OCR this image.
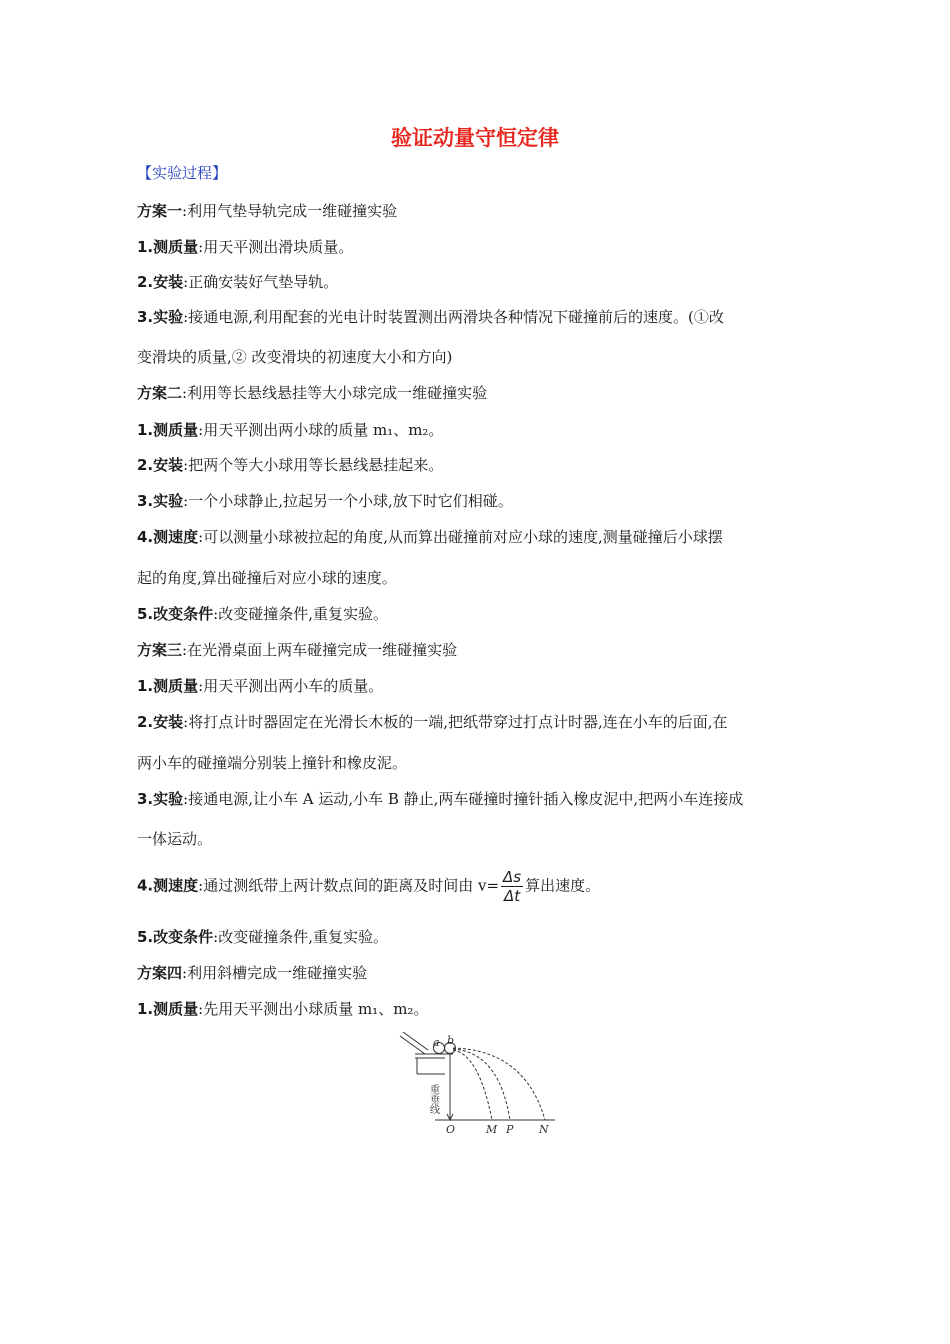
验证动量守恒定律
【实验过程】
方案一:利用气垫导轨完成一维碰撞实验
1.测质量:用天平测出滑块质量。
2.安装:正确安装好气垫导轨。
3.实验:接通电源,利用配套的光电计时装置测出两滑块各种情况下碰撞前后的速度。(①改
变滑块的质量,② 改变滑块的初速度大小和方向)
方案二:利用等长悬线悬挂等大小球完成一维碰撞实验
1.测质量:用天平测出两小球的质量 m₁、m₂。
2.安装:把两个等大小球用等长悬线悬挂起来。
3.实验:一个小球静止,拉起另一个小球,放下时它们相碰。
4.测速度:可以测量小球被拉起的角度,从而算出碰撞前对应小球的速度,测量碰撞后小球摆
起的角度,算出碰撞后对应小球的速度。
5.改变条件:改变碰撞条件,重复实验。
方案三:在光滑桌面上两车碰撞完成一维碰撞实验
1.测质量:用天平测出两小车的质量。
2.安装:将打点计时器固定在光滑长木板的一端,把纸带穿过打点计时器,连在小车的后面,在
两小车的碰撞端分别装上撞针和橡皮泥。
3.实验:接通电源,让小车 A 运动,小车 B 静止,两车碰撞时撞针插入橡皮泥中,把两小车连接成
一体运动。
4.测速度:通过测纸带上两计数点间的距离及时间由 $v= \frac{\Delta s}{\Delta t}$ 算出速度。
5.改变条件:改变碰撞条件,重复实验。
方案四:利用斜槽完成一维碰撞实验
1.测质量:先用天平测出小球质量 m₁、m₂。
a b
O	M P N
重垂线
